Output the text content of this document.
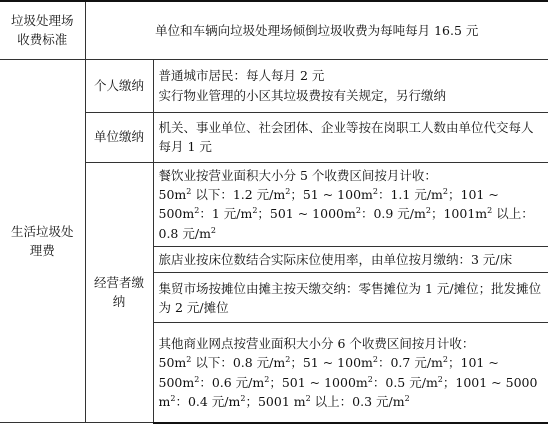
垃圾处理场收费标准	单位和车辆向垃圾处理场倾倒垃圾收费为每吨每月 16.5 元	
生活垃圾处理费	个人缴纳	普通城市居民：每人每月 2 元

实行物业管理的小区其垃圾费按有关规定，另行缴纳

	单位缴纳	机关、事业单位、社会团体、企业等按在岗职工人数由单位代交每人每月 1 元
	经营者缴纳	餐饮业按营业面积大小分 5 个收费区间按月计收：

$50m^2$ 以下：1.2 元$/m^2$；51 ~ $100m^2$：1.1 元$/m^2$；101 ~ $500m^2$：1 元$/m^2$；501 ~ $1000m^2$：0.9 元$/m^2$；$1001m^2$ 以上：0.8 元$/m^2$

		旅店业按床位数结合实际床位使用率，由单位按月缴纳：3 元/床
		集贸市场按摊位由摊主按天缴交纳：零售摊位为 1 元/摊位；批发摊位为 2 元/摊位

		其他商业网点按营业面积大小分 6 个收费区间按月计收：

$50m^2$ 以下：0.8 元$/m^2$；51 ~ $100m^2$：0.7 元$/m^2$；101 ~ $500m^2$：0.6 元$/m^2$；501 ~ $1000m^2$：0.5 元$/m^2$；1001 ~ 5000 $m^2$：0.4 元$/m^2$；5001 $m^2$ 以上：0.3 元$/m^2$
